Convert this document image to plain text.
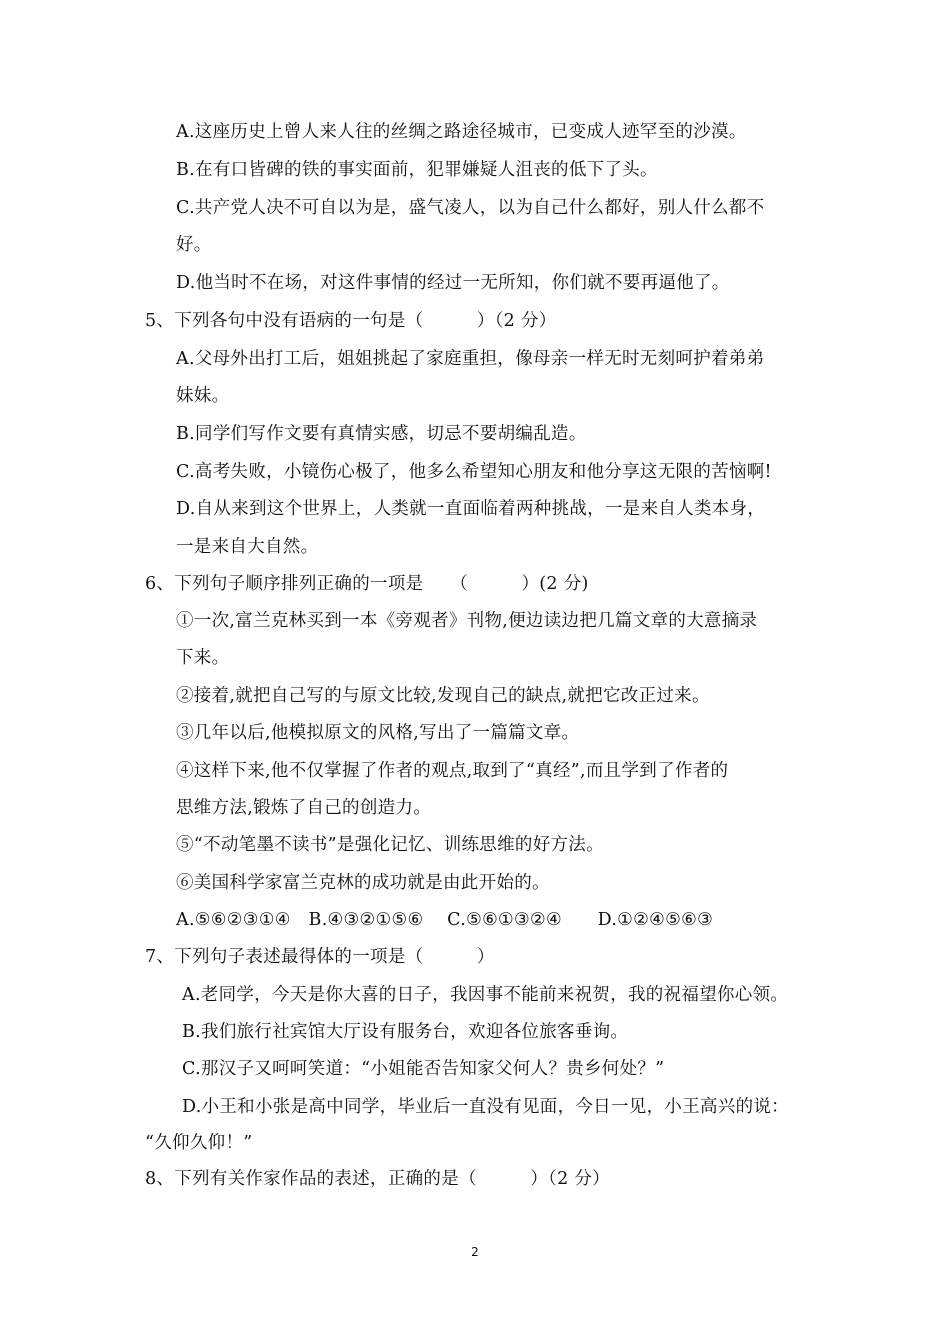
A.这座历史上曾人来人往的丝绸之路途径城市，已变成人迹罕至的沙漠。
B.在有口皆碑的铁的事实面前，犯罪嫌疑人沮丧的低下了头。
C.共产党人决不可自以为是，盛气凌人，以为自己什么都好，别人什么都不
好。
D.他当时不在场，对这件事情的经过一无所知，你们就不要再逼他了。
5、下列各句中没有语病的一句是（　　　）（2 分）
A.父母外出打工后，姐姐挑起了家庭重担，像母亲一样无时无刻呵护着弟弟
妹妹。
B.同学们写作文要有真情实感，切忌不要胡编乱造。
C.高考失败，小镜伤心极了，他多么希望知心朋友和他分享这无限的苦恼啊!
D.自从来到这个世界上，人类就一直面临着两种挑战，一是来自人类本身，
一是来自大自然。
6、下列句子顺序排列正确的一项是　　（　　　）(2 分)
①一次,富兰克林买到一本《旁观者》刊物,便边读边把几篇文章的大意摘录
下来。
②接着,就把自己写的与原文比较,发现自己的缺点,就把它改正过来。
③几年以后,他模拟原文的风格,写出了一篇篇文章。
④这样下来,他不仅掌握了作者的观点,取到了“真经”,而且学到了作者的
思维方法,锻炼了自己的创造力。
⑤“不动笔墨不读书”是强化记忆、训练思维的好方法。
⑥美国科学家富兰克林的成功就是由此开始的。
A.⑤⑥②③①④　B.④③②①⑤⑥　 C.⑤⑥①③②④　　D.①②④⑤⑥③
7、下列句子表述最得体的一项是（　　　）
A.老同学，今天是你大喜的日子，我因事不能前来祝贺，我的祝福望你心领。
B.我们旅行社宾馆大厅设有服务台，欢迎各位旅客垂询。
C.那汉子又呵呵笑道：“小姐能否告知家父何人？贵乡何处？”
D.小王和小张是高中同学，毕业后一直没有见面，今日一见，小王高兴的说：
“久仰久仰！”
8、下列有关作家作品的表述，正确的是（　　　）（2 分）
2
